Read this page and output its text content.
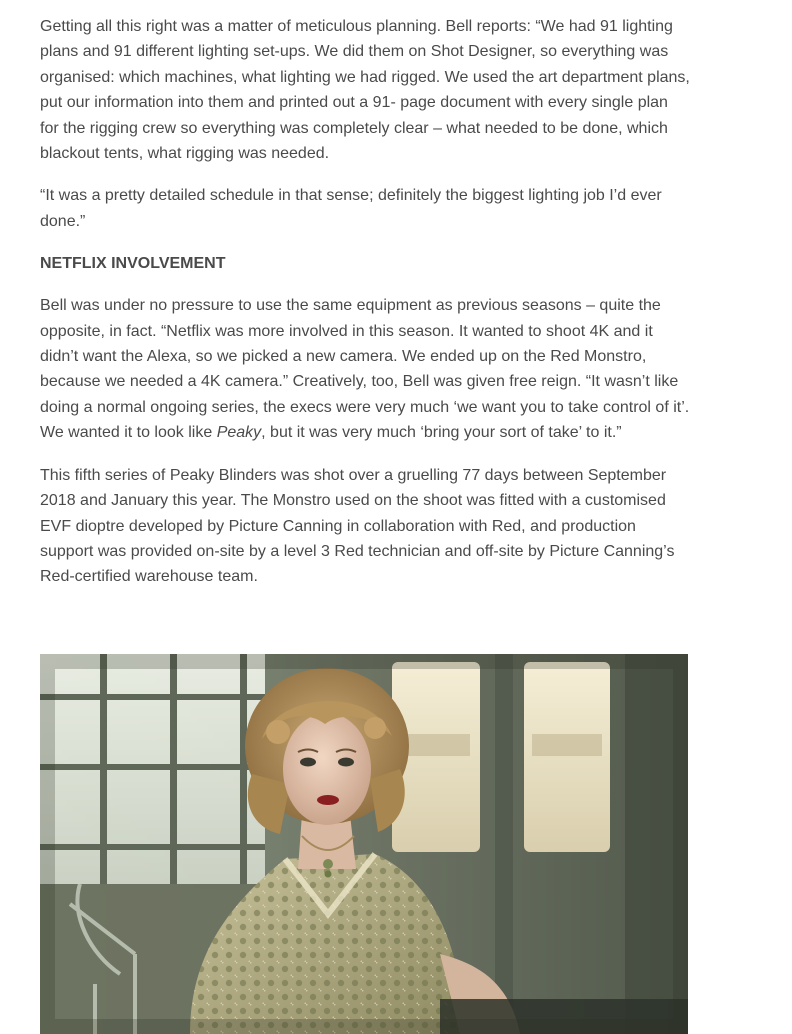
Getting all this right was a matter of meticulous planning. Bell reports: “We had 91 lighting plans and 91 different lighting set-ups. We did them on Shot Designer, so everything was organised: which machines, what lighting we had rigged. We used the art department plans, put our information into them and printed out a 91- page document with every single plan for the rigging crew so everything was completely clear – what needed to be done, which blackout tents, what rigging was needed.

“It was a pretty detailed schedule in that sense; definitely the biggest lighting job I’d ever done.”

NETFLIX INVOLVEMENT

Bell was under no pressure to use the same equipment as previous seasons – quite the opposite, in fact. “Netflix was more involved in this season. It wanted to shoot 4K and it didn’t want the Alexa, so we picked a new camera. We ended up on the Red Monstro, because we needed a 4K camera.” Creatively, too, Bell was given free reign. “It wasn’t like doing a normal ongoing series, the execs were very much ‘we want you to take control of it’. We wanted it to look like Peaky, but it was very much ‘bring your sort of take’ to it.”

This fifth series of Peaky Blinders was shot over a gruelling 77 days between September 2018 and January this year. The Monstro used on the shoot was fitted with a customised EVF dioptre developed by Picture Canning in collaboration with Red, and production support was provided on-site by a level 3 Red technician and off-site by Picture Canning’s Red-certified warehouse team.
